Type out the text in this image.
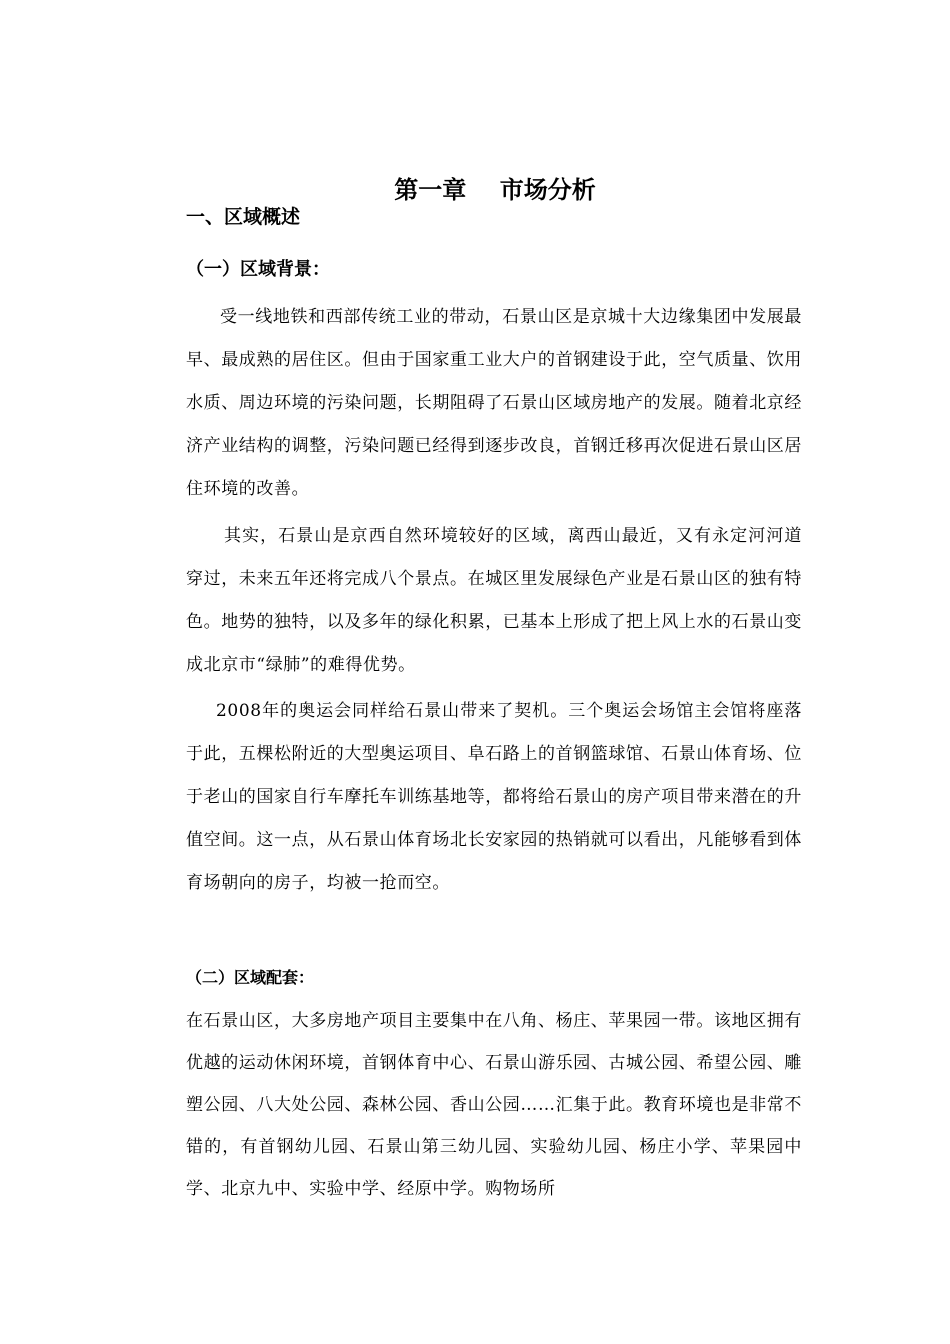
第一章    市场分析
一、区域概述
（一）区域背景：
受一线地铁和西部传统工业的带动，石景山区是京城十大边缘集团中发展最早、最成熟的居住区。但由于国家重工业大户的首钢建设于此，空气质量、饮用水质、周边环境的污染问题，长期阻碍了石景山区域房地产的发展。随着北京经济产业结构的调整，污染问题已经得到逐步改良，首钢迁移再次促进石景山区居住环境的改善。
其实，石景山是京西自然环境较好的区域，离西山最近，又有永定河河道穿过，未来五年还将完成八个景点。在城区里发展绿色产业是石景山区的独有特色。地势的独特，以及多年的绿化积累，已基本上形成了把上风上水的石景山变成北京市“绿肺”的难得优势。
2008年的奥运会同样给石景山带来了契机。三个奥运会场馆主会馆将座落于此，五棵松附近的大型奥运项目、阜石路上的首钢篮球馆、石景山体育场、位于老山的国家自行车摩托车训练基地等，都将给石景山的房产项目带来潜在的升值空间。这一点，从石景山体育场北长安家园的热销就可以看出，凡能够看到体育场朝向的房子，均被一抢而空。
（二）区域配套：
在石景山区，大多房地产项目主要集中在八角、杨庄、苹果园一带。该地区拥有优越的运动休闲环境，首钢体育中心、石景山游乐园、古城公园、希望公园、雕塑公园、八大处公园、森林公园、香山公园……汇集于此。教育环境也是非常不错的，有首钢幼儿园、石景山第三幼儿园、实验幼儿园、杨庄小学、苹果园中学、北京九中、实验中学、经原中学。购物场所
